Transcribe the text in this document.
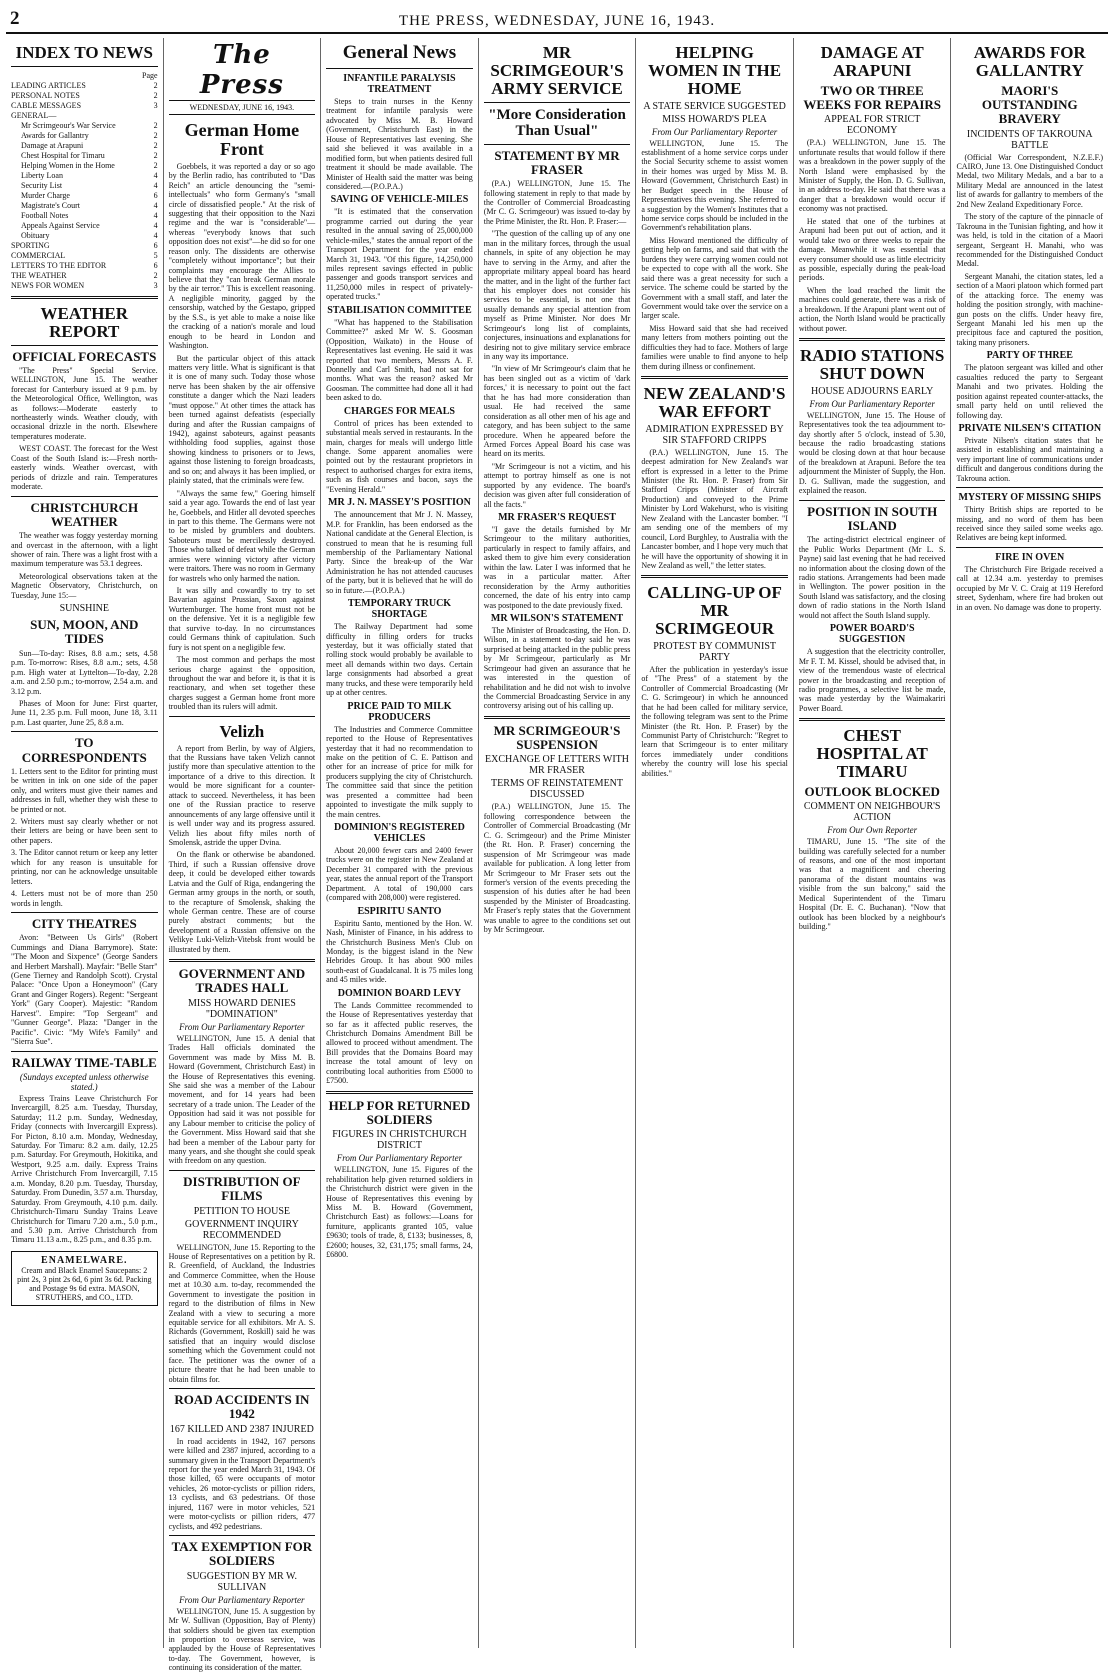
2	THE PRESS, WEDNESDAY, JUNE 16, 1943.
INDEX TO NEWS
Page
LEADING ARTICLES	2
PERSONAL NOTES	2
CABLE MESSAGES	3
GENERAL—
Mr Scrimgeour's War Service	2
Awards for Gallantry	2
Damage at Arapuni	2
Chest Hospital for Timaru	2
Helping Women in the Home	2
Liberty Loan	4
Security List	4
Murder Charge	6
Magistrate's Court	4
Football Notes	4
Appeals Against Service	4
Obituary	4
SPORTING	6
COMMERCIAL	5
LETTERS TO THE EDITOR	6
THE WEATHER	2
NEWS FOR WOMEN	3
WEATHER REPORT
OFFICIAL FORECASTS

"The Press" Special Service. WELLINGTON, June 15. The weather forecast for Canterbury issued at 9 p.m. by the Meteorological Office, Wellington, was as follows:—Moderate easterly to northeasterly winds. Weather cloudy, with occasional drizzle in the north. Elsewhere temperatures moderate.

WEST COAST. The forecast for the West Coast of the South Island is:—Fresh north-easterly winds. Weather overcast, with periods of drizzle and rain. Temperatures moderate.

CHRISTCHURCH WEATHER

The weather was foggy yesterday morning and overcast in the afternoon, with a light shower of rain. There was a light frost with a maximum temperature was 53.1 degrees.

Meteorological observations taken at the Magnetic Observatory, Christchurch, on Tuesday, June 15:—

SUNSHINE
SUN, MOON, AND TIDES

Sun—To-day: Rises, 8.8 a.m.; sets, 4.58 p.m. To-morrow: Rises, 8.8 a.m.; sets, 4.58 p.m. High water at Lyttelton—To-day, 2.28 a.m. and 2.50 p.m.; to-morrow, 2.54 a.m. and 3.12 p.m.

Phases of Moon for June: First quarter, June 11, 2.35 p.m. Full moon, June 18, 3.11 p.m. Last quarter, June 25, 8.8 a.m.

TO CORRESPONDENTS

1. Letters sent to the Editor for printing must be written in ink on one side of the paper only, and writers must give their names and addresses in full, whether they wish these to be printed or not.

2. Writers must say clearly whether or not their letters are being or have been sent to other papers.

3. The Editor cannot return or keep any letter which for any reason is unsuitable for printing, nor can he acknowledge unsuitable letters.

4. Letters must not be of more than 250 words in length.

CITY THEATRES

Avon: "Between Us Girls" (Robert Cummings and Diana Barrymore). State: "The Moon and Sixpence" (George Sanders and Herbert Marshall). Mayfair: "Belle Starr" (Gene Tierney and Randolph Scott). Crystal Palace: "Once Upon a Honeymoon" (Cary Grant and Ginger Rogers). Regent: "Sergeant York" (Gary Cooper). Majestic: "Random Harvest". Empire: "Top Sergeant" and "Gunner George". Plaza: "Danger in the Pacific". Civic: "My Wife's Family" and "Sierra Sue".

RAILWAY TIME-TABLE
(Sundays excepted unless otherwise stated.)

Express Trains Leave Christchurch For Invercargill, 8.25 a.m. Tuesday, Thursday, Saturday; 11.2 p.m. Sunday, Wednesday, Friday (connects with Invercargill Express). For Picton, 8.10 a.m. Monday, Wednesday, Saturday. For Timaru: 8.2 a.m. daily, 12.25 p.m. Saturday. For Greymouth, Hokitika, and Westport, 9.25 a.m. daily. Express Trains Arrive Christchurch From Invercargill, 7.15 a.m. Monday, 8.20 p.m. Tuesday, Thursday, Saturday. From Dunedin, 3.57 a.m. Thursday, Saturday. From Greymouth, 4.10 p.m. daily. Christchurch-Timaru Sunday Trains Leave Christchurch for Timaru 7.20 a.m., 5.0 p.m., and 5.30 p.m. Arrive Christchurch from Timaru 11.13 a.m., 8.25 p.m., and 8.35 p.m.

ENAMELWARE.
Cream and Black Enamel Saucepans: 2 pint 2s, 3 pint 2s 6d, 6 pint 3s 6d. Packing and Postage 9s 6d extra. MASON, STRUTHERS, and CO., LTD.
The Press
WEDNESDAY, JUNE 16, 1943.
German Home Front

Goebbels, it was reported a day or so ago by the Berlin radio, has contributed to "Das Reich" an article denouncing the "semi-intellectuals" who form Germany's "small circle of dissatisfied people." At the risk of suggesting that their opposition to the Nazi regime and the war is "considerable"—whereas "everybody knows that such opposition does not exist"—he did so for one reason only. The dissidents are otherwise "completely without importance"; but their complaints may encourage the Allies to believe that they "can break German morale by the air terror." This is excellent reasoning. A negligible minority, gagged by the censorship, watched by the Gestapo, gripped by the S.S., is yet able to make a noise like the cracking of a nation's morale and loud enough to be heard in London and Washington.

But the particular object of this attack matters very little. What is significant is that it is one of many such. Today those whose nerve has been shaken by the air offensive constitute a danger which the Nazi leaders "must oppose." At other times the attack has been turned against defeatists (especially during and after the Russian campaigns of 1942), against saboteurs, against peasants withholding food supplies, against those showing kindness to prisoners or to Jews, against those listening to foreign broadcasts, and so on; and always it has been implied, or plainly stated, that the criminals were few.

"Always the same few," Goering himself said a year ago. Towards the end of last year he, Goebbels, and Hitler all devoted speeches in part to this theme. The Germans were not to be misled by grumblers and doubters. Saboteurs must be mercilessly destroyed. Those who talked of defeat while the German armies were winning victory after victory were traitors. There was no room in Germany for wastrels who only harmed the nation.

It was silly and cowardly to try to set Bavarian against Prussian, Saxon against Wurtemburger. The home front must not be on the defensive. Yet it is a negligible few that survive to-day. In no circumstances could Germans think of capitulation. Such fury is not spent on a negligible few.

The most common and perhaps the most serious charge against the opposition, throughout the war and before it, is that it is reactionary, and when set together these charges suggest a German home front more troubled than its rulers will admit.

Velizh

A report from Berlin, by way of Algiers, that the Russians have taken Velizh cannot justify more than speculative attention to the importance of a drive to this direction. It would be more significant for a counter-attack to succeed. Nevertheless, it has been one of the Russian practice to reserve announcements of any large offensive until it is well under way and its progress assured. Velizh lies about fifty miles north of Smolensk, astride the upper Dvina.

On the flank or otherwise be abandoned. Third, if such a Russian offensive drove deep, it could be developed either towards Latvia and the Gulf of Riga, endangering the German army groups in the north, or south, to the recapture of Smolensk, shaking the whole German centre. These are of course purely abstract comments; but the development of a Russian offensive on the Velikye Luki-Velizh-Vitebsk front would be illustrated by them.

GOVERNMENT AND TRADES HALL
MISS HOWARD DENIES "DOMINATION"
From Our Parliamentary Reporter

WELLINGTON, June 15. A denial that Trades Hall officials dominated the Government was made by Miss M. B. Howard (Government, Christchurch East) in the House of Representatives this evening. She said she was a member of the Labour movement, and for 14 years had been secretary of a trade union. The Leader of the Opposition had said it was not possible for any Labour member to criticise the policy of the Government. Miss Howard said that she had been a member of the Labour party for many years, and she thought she could speak with freedom on any question.

DISTRIBUTION OF FILMS
PETITION TO HOUSE
GOVERNMENT INQUIRY RECOMMENDED

WELLINGTON, June 15. Reporting to the House of Representatives on a petition by R. R. Greenfield, of Auckland, the Industries and Commerce Committee, when the House met at 10.30 a.m. to-day, recommended the Government to investigate the position in regard to the distribution of films in New Zealand with a view to securing a more equitable service for all exhibitors. Mr A. S. Richards (Government, Roskill) said he was satisfied that an inquiry would disclose something which the Government could not face. The petitioner was the owner of a picture theatre that he had been unable to obtain films for.

ROAD ACCIDENTS IN 1942
167 KILLED AND 2387 INJURED

In road accidents in 1942, 167 persons were killed and 2387 injured, according to a summary given in the Transport Department's report for the year ended March 31, 1943. Of those killed, 65 were occupants of motor vehicles, 26 motor-cyclists or pillion riders, 13 cyclists, and 63 pedestrians. Of those injured, 1167 were in motor vehicles, 521 were motor-cyclists or pillion riders, 477 cyclists, and 492 pedestrians.

TAX EXEMPTION FOR SOLDIERS
SUGGESTION BY MR W. SULLIVAN
From Our Parliamentary Reporter

WELLINGTON, June 15. A suggestion by Mr W. Sullivan (Opposition, Bay of Plenty) that soldiers should be given tax exemption in proportion to overseas service, was applauded by the House of Representatives to-day. The Government, however, is continuing its consideration of the matter.

General News
INFANTILE PARALYSIS TREATMENT

Steps to train nurses in the Kenny treatment for infantile paralysis were advocated by Miss M. B. Howard (Government, Christchurch East) in the House of Representatives last evening. She said she believed it was available in a modified form, but when patients desired full treatment it should be made available. The Minister of Health said the matter was being considered.—(P.O.P.A.)

SAVING OF VEHICLE-MILES

"It is estimated that the conservation programme carried out during the year resulted in the annual saving of 25,000,000 vehicle-miles," states the annual report of the Transport Department for the year ended March 31, 1943. "Of this figure, 14,250,000 miles represent savings effected in public passenger and goods transport services and 11,250,000 miles in respect of privately-operated trucks."

STABILISATION COMMITTEE

"What has happened to the Stabilisation Committee?" asked Mr W. S. Goosman (Opposition, Waikato) in the House of Representatives last evening. He said it was reported that two members, Messrs A. F. Donnelly and Carl Smith, had not sat for months. What was the reason? asked Mr Goosman. The committee had done all it had been asked to do.

CHARGES FOR MEALS

Control of prices has been extended to substantial meals served in restaurants. In the main, charges for meals will undergo little change. Some apparent anomalies were pointed out by the restaurant proprietors in respect to authorised charges for extra items, such as fish courses and bacon, says the "Evening Herald."

MR J. N. MASSEY'S POSITION

The announcement that Mr J. N. Massey, M.P. for Franklin, has been endorsed as the National candidate at the General Election, is construed to mean that he is resuming full membership of the Parliamentary National Party. Since the break-up of the War Administration he has not attended caucuses of the party, but it is believed that he will do so in future.—(P.O.P.A.)

TEMPORARY TRUCK SHORTAGE

The Railway Department had some difficulty in filling orders for trucks yesterday, but it was officially stated that rolling stock would probably be available to meet all demands within two days. Certain large consignments had absorbed a great many trucks, and these were temporarily held up at other centres.

PRICE PAID TO MILK PRODUCERS

The Industries and Commerce Committee reported to the House of Representatives yesterday that it had no recommendation to make on the petition of C. E. Pattison and other for an increase of price for milk for producers supplying the city of Christchurch. The committee said that since the petition was presented a committee had been appointed to investigate the milk supply to the main centres.

DOMINION'S REGISTERED VEHICLES

About 20,000 fewer cars and 2400 fewer trucks were on the register in New Zealand at December 31 compared with the previous year, states the annual report of the Transport Department. A total of 190,000 cars (compared with 208,000) were registered.

ESPIRITU SANTO

Espiritu Santo, mentioned by the Hon. W. Nash, Minister of Finance, in his address to the Christchurch Business Men's Club on Monday, is the biggest island in the New Hebrides Group. It has about 900 miles south-east of Guadalcanal. It is 75 miles long and 45 miles wide.

DOMINION BOARD LEVY

The Lands Committee recommended to the House of Representatives yesterday that so far as it affected public reserves, the Christchurch Domains Amendment Bill be allowed to proceed without amendment. The Bill provides that the Domains Board may increase the total amount of levy on contributing local authorities from £5000 to £7500.

HELP FOR RETURNED SOLDIERS
FIGURES IN CHRISTCHURCH DISTRICT
From Our Parliamentary Reporter

WELLINGTON, June 15. Figures of the rehabilitation help given returned soldiers in the Christchurch district were given in the House of Representatives this evening by Miss M. B. Howard (Government, Christchurch East) as follows:—Loans for furniture, applicants granted 105, value £9630; tools of trade, 8, £133; businesses, 8, £2600; houses, 32, £31,175; small farms, 24, £6800.

MR SCRIMGEOUR'S ARMY SERVICE
"More Consideration Than Usual"
STATEMENT BY MR FRASER

(P.A.) WELLINGTON, June 15. The following statement in reply to that made by the Controller of Commercial Broadcasting (Mr C. G. Scrimgeour) was issued to-day by the Prime Minister, the Rt. Hon. P. Fraser:—

"The question of the calling up of any one man in the military forces, through the usual channels, in spite of any objection he may have to serving in the Army, and after the appropriate military appeal board has heard the matter, and in the light of the further fact that his employer does not consider his services to be essential, is not one that usually demands any special attention from myself as Prime Minister. Nor does Mr Scrimgeour's long list of complaints, conjectures, insinuations and explanations for desiring not to give military service embrace in any way its importance.

"In view of Mr Scrimgeour's claim that he has been singled out as a victim of 'dark forces,' it is necessary to point out the fact that he has had more consideration than usual. He had received the same consideration as all other men of his age and category, and has been subject to the same procedure. When he appeared before the Armed Forces Appeal Board his case was heard on its merits.

"Mr Scrimgeour is not a victim, and his attempt to portray himself as one is not supported by any evidence. The board's decision was given after full consideration of all the facts."

MR FRASER'S REQUEST

"I gave the details furnished by Mr Scrimgeour to the military authorities, particularly in respect to family affairs, and asked them to give him every consideration within the law. Later I was informed that he was in a particular matter. After reconsideration by the Army authorities concerned, the date of his entry into camp was postponed to the date previously fixed.

MR WILSON'S STATEMENT

The Minister of Broadcasting, the Hon. D. Wilson, in a statement to-day said he was surprised at being attacked in the public press by Mr Scrimgeour, particularly as Mr Scrimgeour had given an assurance that he was interested in the question of rehabilitation and he did not wish to involve the Commercial Broadcasting Service in any controversy arising out of his calling up.

MR SCRIMGEOUR'S SUSPENSION
EXCHANGE OF LETTERS WITH MR FRASER
TERMS OF REINSTATEMENT DISCUSSED

(P.A.) WELLINGTON, June 15. The following correspondence between the Controller of Commercial Broadcasting (Mr C. G. Scrimgeour) and the Prime Minister (the Rt. Hon. P. Fraser) concerning the suspension of Mr Scrimgeour was made available for publication. A long letter from Mr Scrimgeour to Mr Fraser sets out the former's version of the events preceding the suspension of his duties after he had been suspended by the Minister of Broadcasting. Mr Fraser's reply states that the Government was unable to agree to the conditions set out by Mr Scrimgeour.

HELPING WOMEN IN THE HOME
A STATE SERVICE SUGGESTED
MISS HOWARD'S PLEA
From Our Parliamentary Reporter

WELLINGTON, June 15. The establishment of a home service corps under the Social Security scheme to assist women in their homes was urged by Miss M. B. Howard (Government, Christchurch East) in her Budget speech in the House of Representatives this evening. She referred to a suggestion by the Women's Institutes that a home service corps should be included in the Government's rehabilitation plans.

Miss Howard mentioned the difficulty of getting help on farms, and said that with the burdens they were carrying women could not be expected to cope with all the work. She said there was a great necessity for such a service. The scheme could be started by the Government with a small staff, and later the Government would take over the service on a larger scale.

Miss Howard said that she had received many letters from mothers pointing out the difficulties they had to face. Mothers of large families were unable to find anyone to help them during illness or confinement.

NEW ZEALAND'S WAR EFFORT
ADMIRATION EXPRESSED BY SIR STAFFORD CRIPPS

(P.A.) WELLINGTON, June 15. The deepest admiration for New Zealand's war effort is expressed in a letter to the Prime Minister (the Rt. Hon. P. Fraser) from Sir Stafford Cripps (Minister of Aircraft Production) and conveyed to the Prime Minister by Lord Wakehurst, who is visiting New Zealand with the Lancaster bomber. "I am sending one of the members of my council, Lord Burghley, to Australia with the Lancaster bomber, and I hope very much that he will have the opportunity of showing it in New Zealand as well," the letter states.

CALLING-UP OF MR SCRIMGEOUR
PROTEST BY COMMUNIST PARTY

After the publication in yesterday's issue of "The Press" of a statement by the Controller of Commercial Broadcasting (Mr C. G. Scrimgeour) in which he announced that he had been called for military service, the following telegram was sent to the Prime Minister (the Rt. Hon. P. Fraser) by the Communist Party of Christchurch: "Regret to learn that Scrimgeour is to enter military forces immediately under conditions whereby the country will lose his special abilities."

DAMAGE AT ARAPUNI
TWO OR THREE WEEKS FOR REPAIRS
APPEAL FOR STRICT ECONOMY

(P.A.) WELLINGTON, June 15. The unfortunate results that would follow if there was a breakdown in the power supply of the North Island were emphasised by the Minister of Supply, the Hon. D. G. Sullivan, in an address to-day. He said that there was a danger that a breakdown would occur if economy was not practised.

He stated that one of the turbines at Arapuni had been put out of action, and it would take two or three weeks to repair the damage. Meanwhile it was essential that every consumer should use as little electricity as possible, especially during the peak-load periods.

When the load reached the limit the machines could generate, there was a risk of a breakdown. If the Arapuni plant went out of action, the North Island would be practically without power.

RADIO STATIONS SHUT DOWN
HOUSE ADJOURNS EARLY
From Our Parliamentary Reporter

WELLINGTON, June 15. The House of Representatives took the tea adjournment to-day shortly after 5 o'clock, instead of 5.30, because the radio broadcasting stations would be closing down at that hour because of the breakdown at Arapuni. Before the tea adjournment the Minister of Supply, the Hon. D. G. Sullivan, made the suggestion, and explained the reason.

POSITION IN SOUTH ISLAND

The acting-district electrical engineer of the Public Works Department (Mr L. S. Payne) said last evening that he had received no information about the closing down of the radio stations. Arrangements had been made in Wellington. The power position in the South Island was satisfactory, and the closing down of radio stations in the North Island would not affect the South Island supply.

POWER BOARD'S SUGGESTION

A suggestion that the electricity controller, Mr F. T. M. Kissel, should be advised that, in view of the tremendous waste of electrical power in the broadcasting and reception of radio programmes, a selective list be made, was made yesterday by the Waimakariri Power Board.

CHEST HOSPITAL AT TIMARU
OUTLOOK BLOCKED
COMMENT ON NEIGHBOUR'S ACTION
From Our Own Reporter

TIMARU, June 15. "The site of the building was carefully selected for a number of reasons, and one of the most important was that a magnificent and cheering panorama of the distant mountains was visible from the sun balcony," said the Medical Superintendent of the Timaru Hospital (Dr. E. C. Buchanan). "Now that outlook has been blocked by a neighbour's building."

AWARDS FOR GALLANTRY
MAORI'S OUTSTANDING BRAVERY
INCIDENTS OF TAKROUNA BATTLE

(Official War Correspondent, N.Z.E.F.) CAIRO, June 13. One Distinguished Conduct Medal, two Military Medals, and a bar to a Military Medal are announced in the latest list of awards for gallantry to members of the 2nd New Zealand Expeditionary Force.

The story of the capture of the pinnacle of Takrouna in the Tunisian fighting, and how it was held, is told in the citation of a Maori sergeant, Sergeant H. Manahi, who was recommended for the Distinguished Conduct Medal.

Sergeant Manahi, the citation states, led a section of a Maori platoon which formed part of the attacking force. The enemy was holding the position strongly, with machine-gun posts on the cliffs. Under heavy fire, Sergeant Manahi led his men up the precipitous face and captured the position, taking many prisoners.

PARTY OF THREE

The platoon sergeant was killed and other casualties reduced the party to Sergeant Manahi and two privates. Holding the position against repeated counter-attacks, the small party held on until relieved the following day.

PRIVATE NILSEN'S CITATION

Private Nilsen's citation states that he assisted in establishing and maintaining a very important line of communications under difficult and dangerous conditions during the Takrouna action.

MYSTERY OF MISSING SHIPS

Thirty British ships are reported to be missing, and no word of them has been received since they sailed some weeks ago. Relatives are being kept informed.

FIRE IN OVEN

The Christchurch Fire Brigade received a call at 12.34 a.m. yesterday to premises occupied by Mr V. C. Craig at 119 Hereford street, Sydenham, where fire had broken out in an oven. No damage was done to property.
